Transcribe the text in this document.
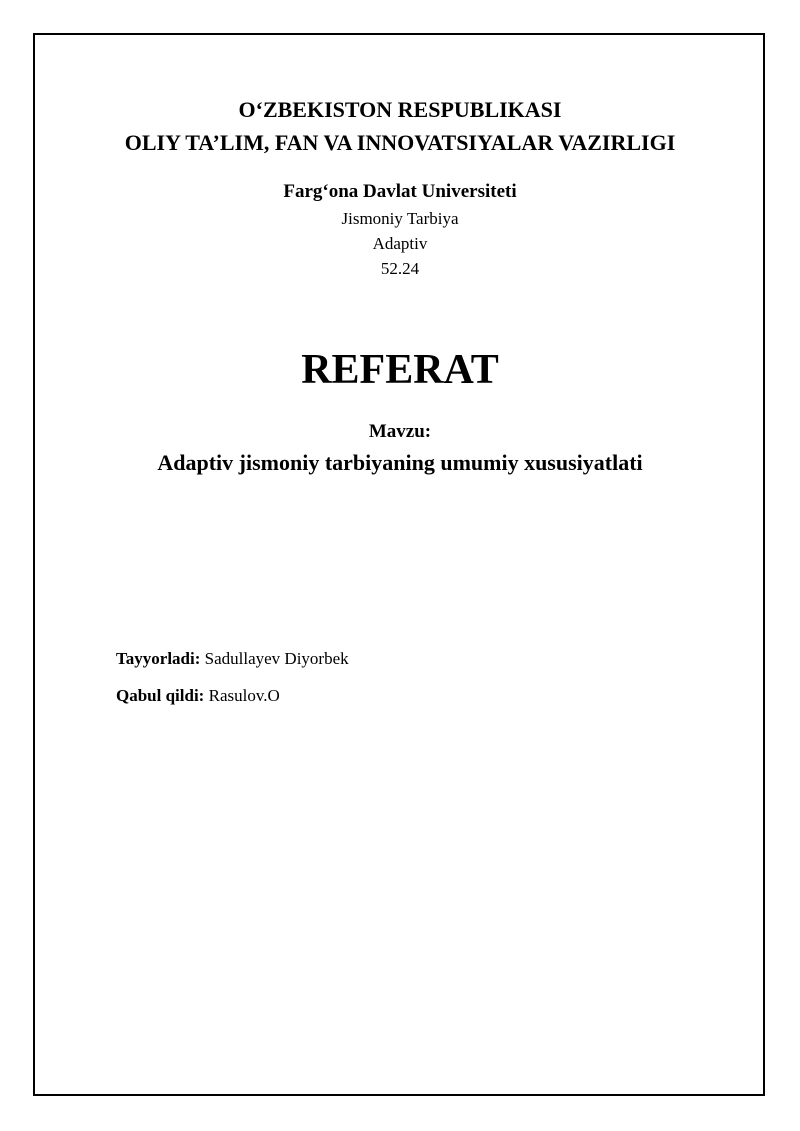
O‘ZBEKISTON RESPUBLIKASI
OLIY TA’LIM, FAN VA INNOVATSIYALAR VAZIRLIGI
Farg‘ona Davlat Universiteti
Jismoniy Tarbiya
Adaptiv
52.24
REFERAT
Mavzu:
Adaptiv jismoniy tarbiyaning umumiy xususiyatlati
Tayyorladi: Sadullayev Diyorbek
Qabul qildi: Rasulov.O
